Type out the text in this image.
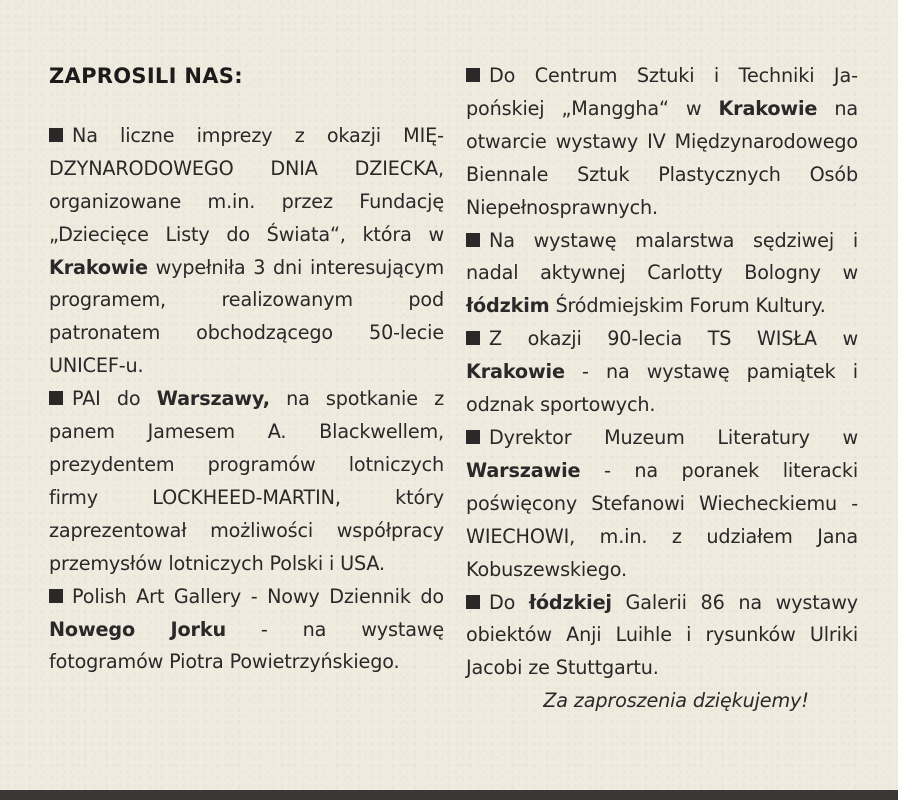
ZAPROSILI NAS:

Na liczne imprezy z okazji MIĘDZYNARODOWEGO DNIA DZIECKA, organizowane m.in. przez Fundację „Dziecięce Listy do Świata“, która w Krakowie wypełniła 3 dni interesującym programem, realizowanym pod patronatem obchodzącego 50-lecie UNICEF-u.

PAI do Warszawy, na spotkanie z panem Jamesem A. Blackwellem, prezydentem programów lotniczych firmy LOCKHEED-MARTIN, który zaprezentował możliwości współpracy przemysłów lotniczych Polski i USA.

Polish Art Gallery - Nowy Dziennik do Nowego Jorku - na wystawę fotogramów Piotra Powietrzyńskiego.

Do Centrum Sztuki i Techniki Japońskiej „Manggha“ w Krakowie na otwarcie wystawy IV Międzynarodowego Biennale Sztuk Plastycznych Osób Niepełnosprawnych.

Na wystawę malarstwa sędziwej i nadal aktywnej Carlotty Bologny w łódzkim Śródmiejskim Forum Kultury.

Z okazji 90-lecia TS WISŁA w Krakowie - na wystawę pamiątek i odznak sportowych.

Dyrektor Muzeum Literatury w Warszawie - na poranek literacki poświęcony Stefanowi Wiecheckiemu - WIECHOWI, m.in. z udziałem Jana Kobuszewskiego.

Do łódzkiej Galerii 86 na wystawy obiektów Anji Luihle i rysunków Ulriki Jacobi ze Stuttgartu.

Za zaproszenia dziękujemy!
